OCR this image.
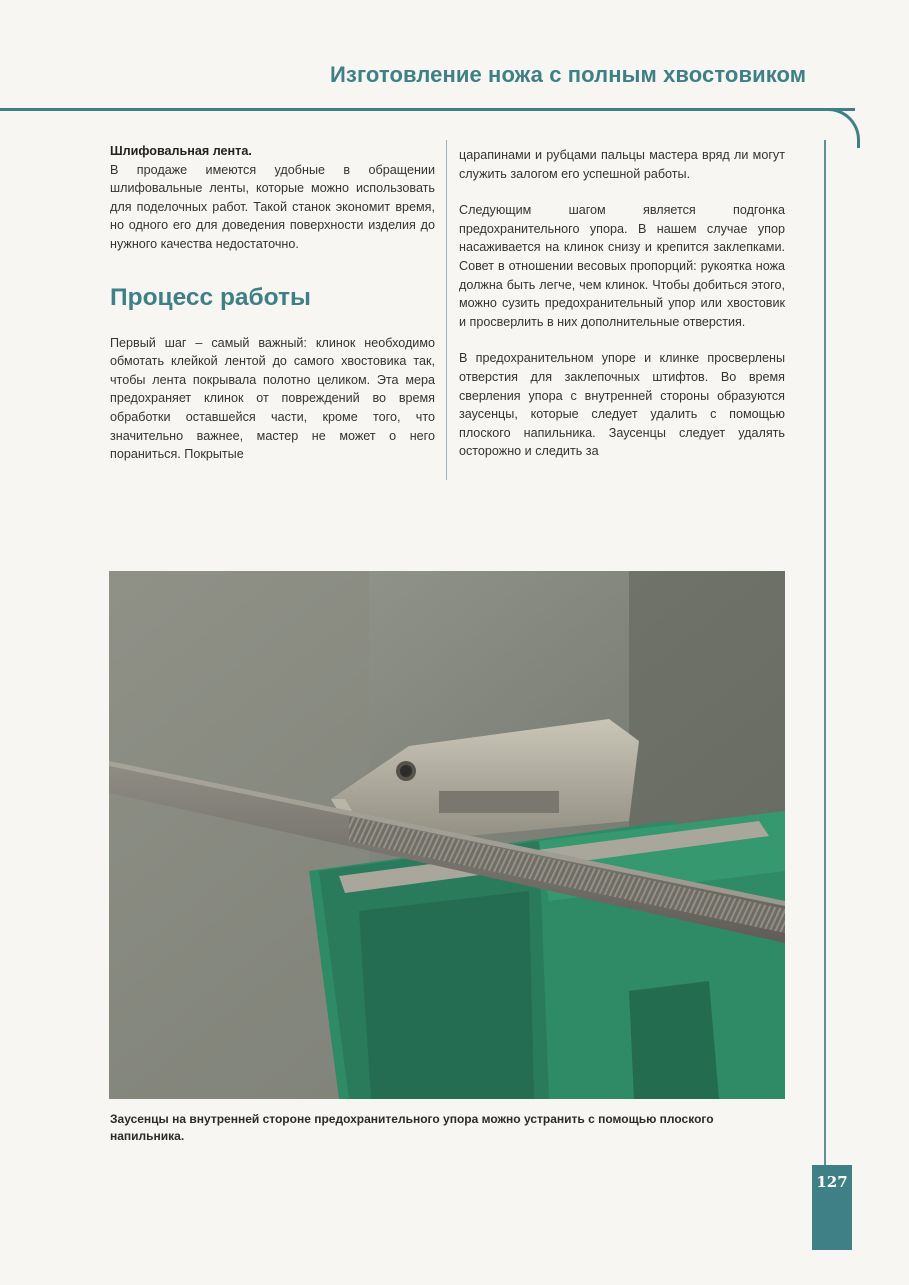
Изготовление ножа с полным хвостовиком

Шлифовальная лента.
В продаже имеются удобные в обращении шлифовальные ленты, которые можно использовать для поделочных работ. Такой станок экономит время, но одного его для доведения поверхности изделия до нужного качества недостаточно.

Процесс работы

Первый шаг – самый важный: клинок необходимо обмотать клейкой лентой до самого хвостовика так, чтобы лента покрывала полотно целиком. Эта мера предохраняет клинок от повреждений во время обработки оставшейся части, кроме того, что значительно важнее, мастер не может о него пораниться. Покрытые

царапинами и рубцами пальцы мастера вряд ли могут служить залогом его успешной работы.

Следующим шагом является подгонка предохранительного упора. В нашем случае упор насаживается на клинок снизу и крепится заклепками. Совет в отношении весовых пропорций: рукоятка ножа должна быть легче, чем клинок. Чтобы добиться этого, можно сузить предохранительный упор или хвостовик и просверлить в них дополнительные отверстия.

В предохранительном упоре и клинке просверлены отверстия для заклепочных штифтов. Во время сверления упора с внутренней стороны образуются заусенцы, которые следует удалить с помощью плоского напильника. Заусенцы следует удалять осторожно и следить за

Заусенцы на внутренней стороне предохранительного упора можно устранить с помощью плоского напильника.
127
